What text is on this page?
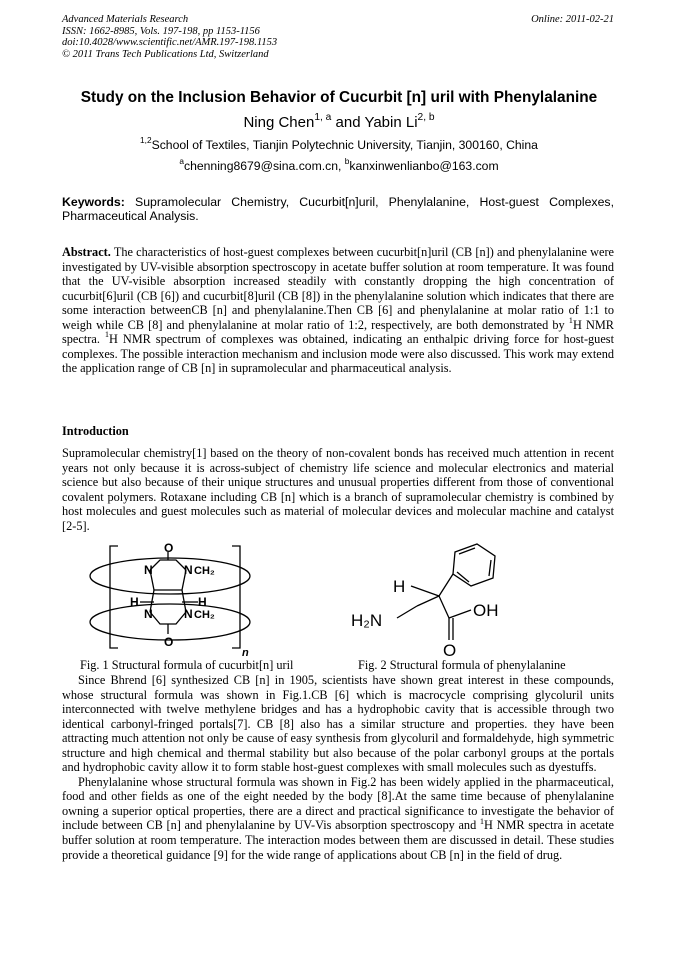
Advanced Materials Research
ISSN: 1662-8985, Vols. 197-198, pp 1153-1156
doi:10.4028/www.scientific.net/AMR.197-198.1153
© 2011 Trans Tech Publications Ltd, Switzerland
Online: 2011-02-21
Study on the Inclusion Behavior of Cucurbit [n] uril with Phenylalanine
Ning Chen$^{1, a}$ and Yabin Li$^{2, b}$
$^{1,2}$School of Textiles, Tianjin Polytechnic University, Tianjin, 300160, China
$^a$chenning8679@sina.com.cn, $^b$kanxinwenlianbo@163.com
Keywords: Supramolecular Chemistry, Cucurbit[n]uril, Phenylalanine, Host-guest Complexes, Pharmaceutical Analysis.

Abstract. The characteristics of host-guest complexes between cucurbit[n]uril (CB [n]) and phenylalanine were investigated by UV-visible absorption spectroscopy in acetate buffer solution at room temperature. It was found that the UV-visible absorption increased steadily with constantly dropping the high concentration of cucurbit[6]uril (CB [6]) and cucurbit[8]uril (CB [8]) in the phenylalanine solution which indicates that there are some interaction betweenCB [n] and phenylalanine.Then CB [6] and phenylalanine at molar ratio of 1:1 to weigh while CB [8] and phenylalanine at molar ratio of 1:2, respectively, are both demonstrated by $^1$H NMR spectra. $^1$H NMR spectrum of complexes was obtained, indicating an enthalpic driving force for host-guest complexes. The possible interaction mechanism and inclusion mode were also discussed. This work may extend the application range of CB [n] in supramolecular and pharmaceutical analysis.

Introduction

Supramolecular chemistry[1] based on the theory of non-covalent bonds has received much attention in recent years not only because it is across-subject of chemistry life science and molecular electronics and material science but also because of their unique structures and unusual properties different from those of conventional covalent polymers. Rotaxane including CB [n] which is a branch of supramolecular chemistry is combined by host molecules and guest molecules such as material of molecular devices and molecular machine and catalyst [2-5].

O
O
N	N
N	N
CH₂
CH₂
H	H
n
H
H₂N
OH
O
Fig. 1 Structural formula of cucurbit[n] uril	Fig. 2 Structural formula of phenylalanine

Since Bhrend [6] synthesized CB [n] in 1905, scientists have shown great interest in these compounds, whose structural formula was shown in Fig.1.CB [6] which is macrocycle comprising glycoluril units interconnected with twelve methylene bridges and has a hydrophobic cavity that is accessible through two identical carbonyl-fringed portals[7]. CB [8] also has a similar structure and properties. they have been attracting much attention not only be cause of easy synthesis from glycoluril and formaldehyde, high symmetric structure and high chemical and thermal stability but also because of the polar carbonyl groups at the portals and hydrophobic cavity allow it to form stable host-guest complexes with small molecules such as dyestuffs.

Phenylalanine whose structural formula was shown in Fig.2 has been widely applied in the pharmaceutical, food and other fields as one of the eight needed by the body [8].At the same time because of phenylalanine owning a superior optical properties, there are a direct and practical significance to investigate the behavior of include between CB [n] and phenylalanine by UV-Vis absorption spectroscopy and $^1$H NMR spectra in acetate buffer solution at room temperature. The interaction modes between them are discussed in detail. These studies provide a theoretical guidance [9] for the wide range of applications about CB [n] in the field of drug.
